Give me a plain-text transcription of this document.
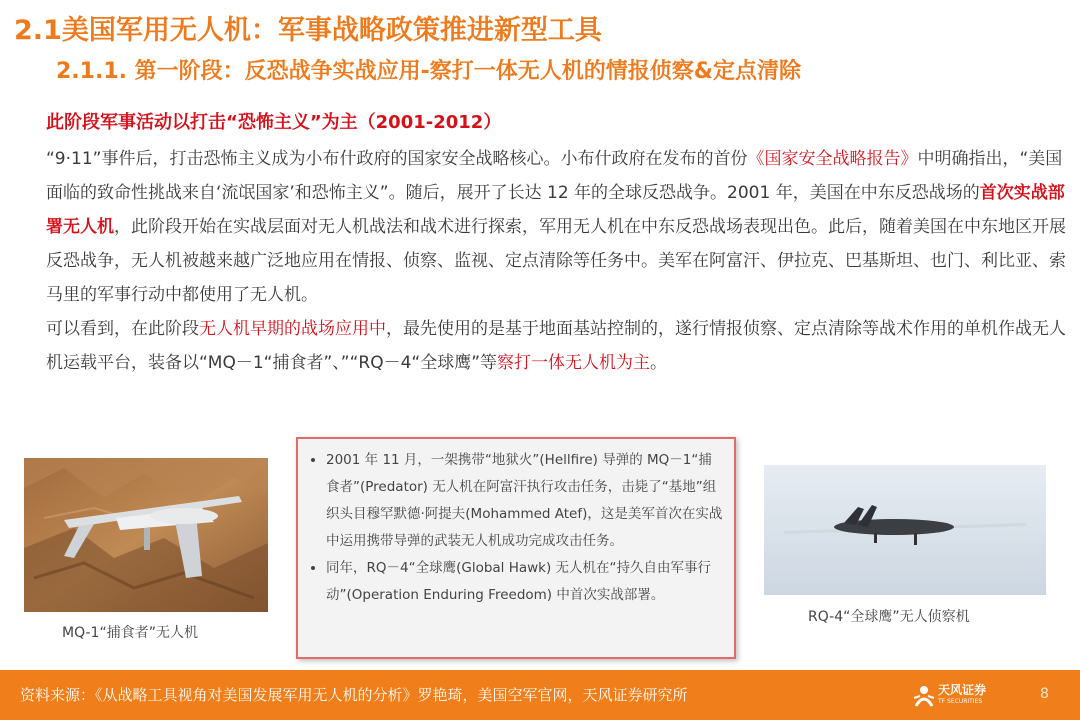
2.1美国军用无人机：军事战略政策推进新型工具
2.1.1. 第一阶段：反恐战争实战应用-察打一体无人机的情报侦察&定点清除
此阶段军事活动以打击“恐怖主义”为主（2001-2012）
“9·11”事件后，打击恐怖主义成为小布什政府的国家安全战略核心。小布什政府在发布的首份《国家安全战略报告》中明确指出，“美国面临的致命性挑战来自‘流氓国家’和恐怖主义”。随后，展开了长达 12 年的全球反恐战争。2001 年，美国在中东反恐战场的首次实战部署无人机，此阶段开始在实战层面对无人机战法和战术进行探索，军用无人机在中东反恐战场表现出色。此后，随着美国在中东地区开展反恐战争，无人机被越来越广泛地应用在情报、侦察、监视、定点清除等任务中。美军在阿富汗、伊拉克、巴基斯坦、也门、利比亚、索马里的军事行动中都使用了无人机。
可以看到，在此阶段无人机早期的战场应用中，最先使用的是基于地面基站控制的，遂行情报侦察、定点清除等战术作用的单机作战无人机运载平台，装备以“MQ－1“捕食者”、”“RQ－4“全球鹰”等察打一体无人机为主。
MQ-1“捕食者”无人机
• 2001 年 11 月，一架携带“地狱火”(Hellfire) 导弹的 MQ－1“捕食者”(Predator) 无人机在阿富汗执行攻击任务，击毙了“基地”组织头目穆罕默德·阿提夫(Mohammed Atef)，这是美军首次在实战中运用携带导弹的武装无人机成功完成攻击任务。
• 同年，RQ－4“全球鹰(Global Hawk) 无人机在“持久自由军事行动”(Operation Enduring Freedom) 中首次实战部署。
RQ-4“全球鹰”无人侦察机
资料来源：《从战略工具视角对美国发展军用无人机的分析》罗艳琦，美国空军官网，天风证券研究所	天风证券
TF SECURITIES	8
